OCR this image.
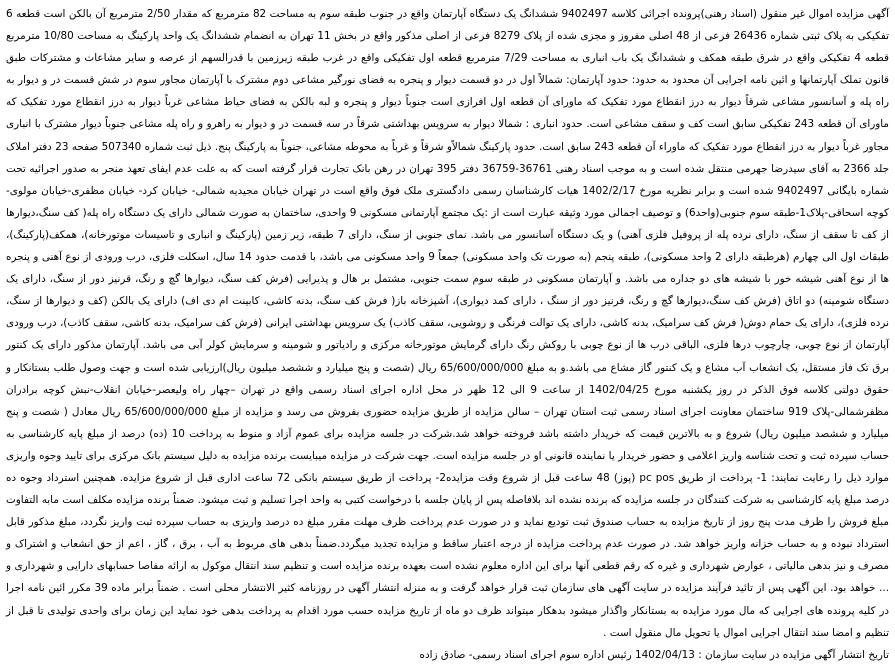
آگهی مزایده اموال غیر منقول (اسناد رهنی)پرونده اجرائی کلاسه 9402497 ششدانگ یک دستگاه آپارتمان واقع در جنوب طبقه سوم به مساحت 82 مترمربع که مقدار 2/50 مترمربع آن بالکن است قطعه 6 تفکیکی به پلاک ثبتی شماره 26436 فرعی از 48 اصلی مفروز و مجزی شده از پلاک 8279 فرعی از اصلی مذکور واقع در بخش 11 تهران به انضمام ششدانگ یک واحد پارکینگ به مساحت 10/80 مترمربع قطعه 4 تفکیکی واقع در شرق طبقه همکف و ششدانگ یک باب انباری به مساحت 7/29 مترمربع قطعه اول تفکیکی واقع در غرب طبقه زیرزمین با قدرالسهم از عرصه و سایر مشاعات و مشترکات طبق قانون تملک آپارتمانها و ائین نامه اجرایی آن محدود به حدود: حدود آپارتمان: شمالاً اول در دو قسمت دیوار و پنجره به فضای نورگیر مشاعی دوم مشترک با آپارتمان مجاور سوم در شش قسمت در و دیوار به راه پله و آسانسور مشاعی شرقاً دیوار به درز انقطاع مورد تفکیک که ماورای آن قطعه اول افرازی است جنوباً دیوار و پنجره و لبه بالکن به فضای حیاط مشاعی غرباً دیوار به درز انقطاع مورد تفکیک که ماورای آن قطعه 243 تفکیکی سابق است کف و سقف مشاعی است. حدود انباری : شمالا دیوار به سرویس بهداشتی شرقاً در سه قسمت در و دیوار به راهرو و راه پله مشاعی جنوباً دیوار مشترک با انباری مجاور غرباً دیوار به درز انقطاع مورد تفکیک که ماوراء آن قطعه 243 سابق است. حدود پارکینگ شمالاًو شرقاً و غرباً به محوطه مشاعی، جنوباً به پارکینگ پنج. ذیل ثبت شماره 507340 صفحه 23 دفتر املاک جلد 2366 به آقای سیدرضا جهرمی منتقل شده است و به موجب اسناد رهنی 36761-36759 دفتر 395 تهران در رهن بانک تجارت قرار گرفته است که به علت عدم ایفای تعهد منجر به صدور اجرائیه تحت شماره بایگانی 9402497 شده است و برابر نظریه مورخ 1402/2/17 هیات کارشناسان رسمی دادگستری ملک فوق واقع است در تهران خیابان مجیدیه شمالی- خیابان کرد- خیابان مظفری-خیابان مولوی-کوچه اسحاقی-پلاک1-طبقه سوم جنوبی(واحد6) و توصیف اجمالی مورد وثیقه عبارت است از :یک مجتمع آپارتمانی مسکونی 9 واحدی، ساختمان به صورت شمالی دارای یک دستگاه راه پله( کف سنگ،دیوارها از کف تا سقف از سنگ، دارای نرده پله از پروفیل فلزی آهنی) و یک دستگاه آسانسور می باشد. نمای جنوبی از سنگ، دارای 7 طبقه، زیر زمین (پارکینگ و انباری و تاسیسات موتورخانه)، همکف(پارکینگ)، طبقات اول الی چهارم (هرطبقه دارای 2 واحد مسکونی)، طبقه پنجم (به صورت تک واحد مسکونی) جمعاً 9 واحد مسکونی می باشد، با قدمت حدود 14 سال، اسکلت فلزی، درب ورودی از نوع آهنی و پنجره ها از نوع آهنی شیشه خور با شیشه های دو جداره می باشد. و آپارتمان مسکونی در طبقه سوم سمت جنوبی، مشتمل بر هال و پذیرایی (فرش کف سنگ، دیوارها گچ و رنگ، قرنیز دور از سنگ، دارای یک دستگاه شومینه) دو اتاق (فرش کف سنگ،دیوارها گچ و رنگ، قرنیز دور از سنگ ، دارای کمد دیواری)، آشپزخانه باز( فرش کف سنگ، بدنه کاشی، کابینت ام دی اف) دارای یک بالکن (کف و دیوارها از سنگ، نرده فلزی)، دارای یک حمام دوش( فرش کف سرامیک، بدنه کاشی، دارای یک توالت فرنگی و روشویی، سقف کاذب) یک سرویس بهداشتی ایرانی (فرش کف سرامیک، بدنه کاشی، سقف کاذب)، درب ورودی آپارتمان از نوع چوبی، چارچوب درها فلزی، الباقی درب ها از نوع چوبی با روکش رنگ دارای گرمایش موتورخانه مرکزی و رادیاتور و شومینه و سرمایش کولر آبی می باشد. آپارتمان مذکور دارای یک کنتور برق تک فاز مستقل، یک انشعاب آب مشاع و یک کنتور گاز مشاع می باشد.و به مبلغ 65/600/000/000 ریال (شصت و پنج میلیارد و ششصد میلیون ریال)ارزیابی شده است و جهت وصول طلب بستانکار و حقوق دولتی کلاسه فوق الذکر در روز یکشنبه مورخ 1402/04/25 از ساعت 9 الی 12 ظهر در محل اداره اجرای اسناد رسمی واقع در تهران –چهار راه ولیعصر-خیابان انقلاب-نبش کوچه برادران مظفرشمالی-پلاک 919 ساختمان معاونت اجرای اسناد رسمی ثبت استان تهران – سالن مزایده از طریق مزایده حضوری بفروش می رسد و مزایده از مبلغ 65/600/000/000 ریال معادل ( شصت و پنج میلیارد و ششصد میلیون ریال) شروع و به بالاترین قیمت که خریدار داشته باشد فروخته خواهد شد.شرکت در جلسه مزایده برای عموم آزاد و منوط به پرداخت 10 (ده) درصد از مبلغ پایه کارشناسی به حساب سپرده ثبت و تحت شناسه واریز اعلامی و حضور خریدار یا نماینده قانونی او در جلسه مزایده است. جهت شرکت در مزایده میبایست برنده مزایده به دلیل سیستم بانک مرکزی برای تایید وجوه واریزی موارد ذیل را رعایت نمایند: 1- پرداخت از طریق pc pos (پوز) 48 ساعت قبل از شروع وقت مزایده2- پرداخت از طریق سیستم بانکی 72 ساعت اداری قبل از شروع مزایده. همچنین استرداد وجوه ده درصد مبلغ پایه کارشناسی به شرکت کنندگان در جلسه مزایده که برنده نشده اند بلافاصله پس از پایان جلسه با درخواست کتبی به واحد اجرا تسلیم و ثبت میشود. ضمناً برنده مزایده مکلف است مابه التفاوت مبلغ فروش را ظرف مدت پنج روز از تاریخ مزایده به حساب صندوق ثبت تودیع نماید و در صورت عدم پرداخت ظرف مهلت مقرر مبلغ ده درصد واریزی به حساب سپرده ثبت واریز نگردد، مبلغ مذکور قابل استرداد نبوده و به حساب خزانه واریز خواهد شد. در صورت عدم پرداخت مزایده از درجه اعتبار ساقط و مزایده تجدید میگردد.ضمناً بدهی های مربوط به آب ، برق ، گاز ، اعم از حق انشعاب و اشتراک و مصرف و نیز بدهی مالیاتی ، عوارض شهرداری و غیره که رقم قطعی آنها برای این اداره معلوم نشده است بعهده برنده مزایده است و تنظیم سند انتقال موکول به ارائه مفاصا حسابهای دارایی و شهرداری و ... خواهد بود. این آگهی پس از تائید فرآیند مزایده در سایت آگهی های سازمان ثبت قرار خواهد گرفت و به منزله انتشار آگهی در روزنامه کثیر الانتشار محلی است . ضمناً برابر ماده 39 مکرر ائین نامه اجرا در کلیه پرونده های اجرایی که مال مورد مزایده به بستانکار واگذار میشود بدهکار میتواند ظرف دو ماه از تاریخ مزایده حسب مورد اقدام به پرداخت بدهی خود نماید این زمان برای واحدی تولیدی تا قبل از تنظیم و امضا سند انتقال اجرایی اموال یا تحویل مال منقول است .

تاریخ انتشار آگهی مزایده در سایت سازمان : 1402/04/13 رئیس اداره سوم اجرای اسناد رسمی- صادق زاده
